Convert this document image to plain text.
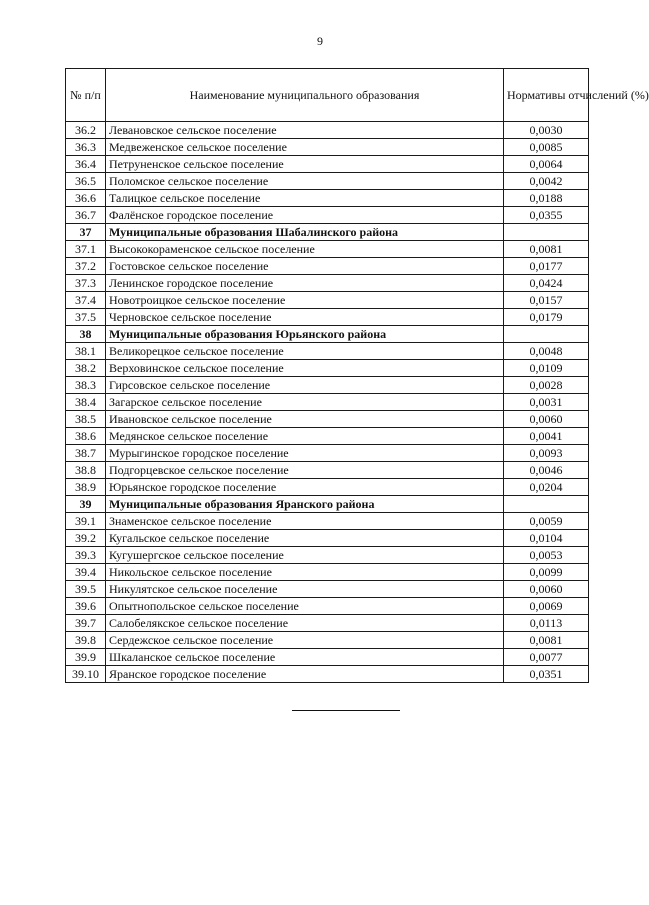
9
№ п/п	Наименование муниципального образования	Нормативы отчислений (%)
36.2	Левановское сельское поселение	0,0030
36.3	Медвеженское сельское поселение	0,0085
36.4	Петруненское сельское поселение	0,0064
36.5	Поломское сельское поселение	0,0042
36.6	Талицкое сельское поселение	0,0188
36.7	Фалёнское городское поселение	0,0355
37	Муниципальные образования Шабалинского района	
37.1	Высококораменское сельское поселение	0,0081
37.2	Гостовское сельское поселение	0,0177
37.3	Ленинское городское поселение	0,0424
37.4	Новотроицкое сельское поселение	0,0157
37.5	Черновское сельское поселение	0,0179
38	Муниципальные образования Юрьянского района	
38.1	Великорецкое сельское поселение	0,0048
38.2	Верховинское сельское поселение	0,0109
38.3	Гирсовское сельское поселение	0,0028
38.4	Загарское сельское поселение	0,0031
38.5	Ивановское сельское поселение	0,0060
38.6	Медянское сельское поселение	0,0041
38.7	Мурыгинское городское поселение	0,0093
38.8	Подгорцевское сельское поселение	0,0046
38.9	Юрьянское городское поселение	0,0204
39	Муниципальные образования Яранского района	
39.1	Знаменское сельское поселение	0,0059
39.2	Кугальское сельское поселение	0,0104
39.3	Кугушергское сельское поселение	0,0053
39.4	Никольское сельское поселение	0,0099
39.5	Никулятское сельское поселение	0,0060
39.6	Опытнопольское сельское поселение	0,0069
39.7	Салобелякское сельское поселение	0,0113
39.8	Сердежское сельское поселение	0,0081
39.9	Шкаланское сельское поселение	0,0077
39.10	Яранское городское поселение	0,0351
